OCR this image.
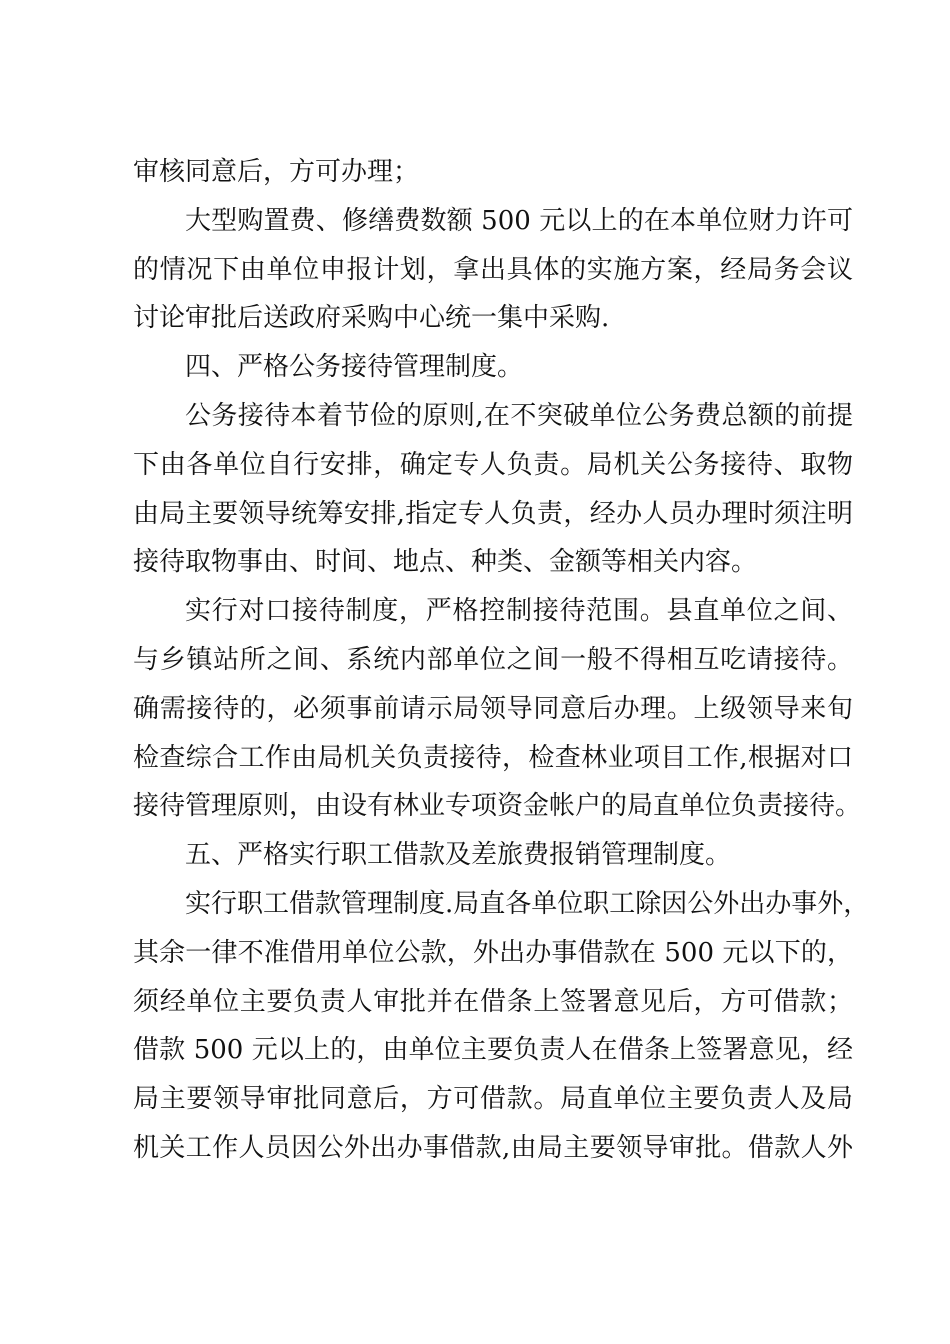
审核同意后，方可办理；
大型购置费、修缮费数额 500 元以上的在本单位财力许可
的情况下由单位申报计划，拿出具体的实施方案，经局务会议
讨论审批后送政府采购中心统一集中采购.
四、严格公务接待管理制度。
公务接待本着节俭的原则,在不突破单位公务费总额的前提
下由各单位自行安排，确定专人负责。局机关公务接待、取物
由局主要领导统筹安排,指定专人负责，经办人员办理时须注明
接待取物事由、时间、地点、种类、金额等相关内容。
实行对口接待制度，严格控制接待范围。县直单位之间、
与乡镇站所之间、系统内部单位之间一般不得相互吃请接待。
确需接待的，必须事前请示局领导同意后办理。上级领导来旬
检查综合工作由局机关负责接待，检查林业项目工作,根据对口
接待管理原则，由设有林业专项资金帐户的局直单位负责接待。
五、严格实行职工借款及差旅费报销管理制度。
实行职工借款管理制度.局直各单位职工除因公外出办事外，
其余一律不准借用单位公款，外出办事借款在 500 元以下的，
须经单位主要负责人审批并在借条上签署意见后，方可借款；
借款 500 元以上的，由单位主要负责人在借条上签署意见，经
局主要领导审批同意后，方可借款。局直单位主要负责人及局
机关工作人员因公外出办事借款,由局主要领导审批。借款人外
